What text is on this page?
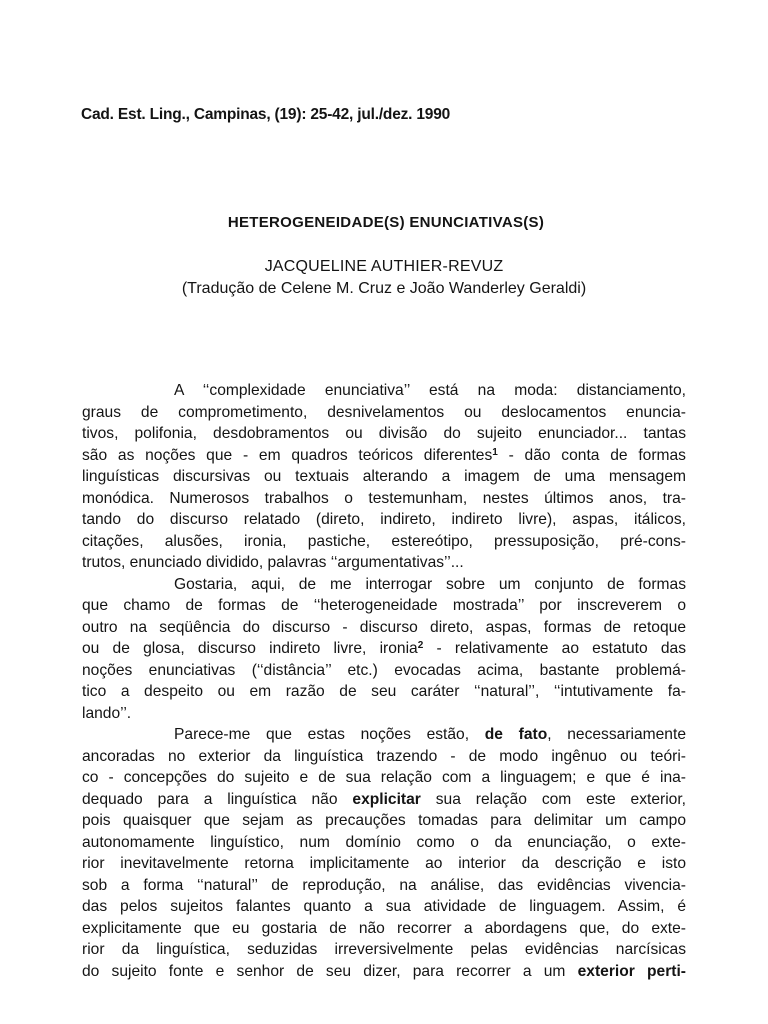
Cad. Est. Ling., Campinas, (19): 25-42, jul./dez. 1990
HETEROGENEIDADE(S) ENUNCIATIVAS(S)
JACQUELINE AUTHIER-REVUZ
(Tradução de Celene M. Cruz e João Wanderley Geraldi)
A ‘‘complexidade enunciativa’’ está na moda: distanciamento,
graus de comprometimento, desnivelamentos ou deslocamentos enuncia-
tivos, polifonia, desdobramentos ou divisão do sujeito enunciador... tantas
são as noções que - em quadros teóricos diferentes$^1$ - dão conta de formas
linguísticas discursivas ou textuais alterando a imagem de uma mensagem
monódica. Numerosos trabalhos o testemunham, nestes últimos anos, tra-
tando do discurso relatado (direto, indireto, indireto livre), aspas, itálicos,
citações, alusões, ironia, pastiche, estereótipo, pressuposição, pré-cons-
trutos, enunciado dividido, palavras ‘‘argumentativas’’...
Gostaria, aqui, de me interrogar sobre um conjunto de formas
que chamo de formas de ‘‘heterogeneidade mostrada’’ por inscreverem o
outro na seqüência do discurso - discurso direto, aspas, formas de retoque
ou de glosa, discurso indireto livre, ironia$^2$ - relativamente ao estatuto das
noções enunciativas (‘‘distância’’ etc.) evocadas acima, bastante problemá-
tico a despeito ou em razão de seu caráter ‘‘natural’’, ‘‘intutivamente fa-
lando’’.
Parece-me que estas noções estão, de fato, necessariamente
ancoradas no exterior da linguística trazendo - de modo ingênuo ou teóri-
co - concepções do sujeito e de sua relação com a linguagem; e que é ina-
dequado para a linguística não explicitar sua relação com este exterior,
pois quaisquer que sejam as precauções tomadas para delimitar um campo
autonomamente linguístico, num domínio como o da enunciação, o exte-
rior inevitavelmente retorna implicitamente ao interior da descrição e isto
sob a forma ‘‘natural’’ de reprodução, na análise, das evidências vivencia-
das pelos sujeitos falantes quanto a sua atividade de linguagem. Assim, é
explicitamente que eu gostaria de não recorrer a abordagens que, do exte-
rior da linguística, seduzidas irreversivelmente pelas evidências narcísicas
do sujeito fonte e senhor de seu dizer, para recorrer a um exterior perti-
